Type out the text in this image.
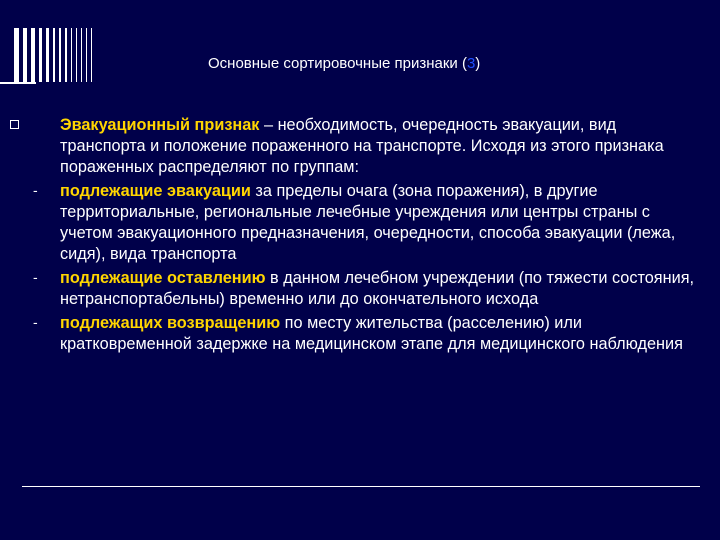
Основные сортировочные признаки (3)
Эвакуационный признак – необходимость, очередность эвакуации, вид транспорта и положение пораженного на транспорте. Исходя из этого признака пораженных распределяют по группам:
- подлежащие эвакуации за пределы очага (зона поражения), в другие территориальные, региональные лечебные учреждения или центры страны с учетом эвакуационного предназначения, очередности, способа эвакуации (лежа, сидя), вида транспорта
- подлежащие оставлению в данном лечебном учреждении (по тяжести состояния, нетранспортабельны) временно или до окончательного исхода
- подлежащих возвращению по месту жительства (расселению) или кратковременной задержке на медицинском этапе для медицинского наблюдения
